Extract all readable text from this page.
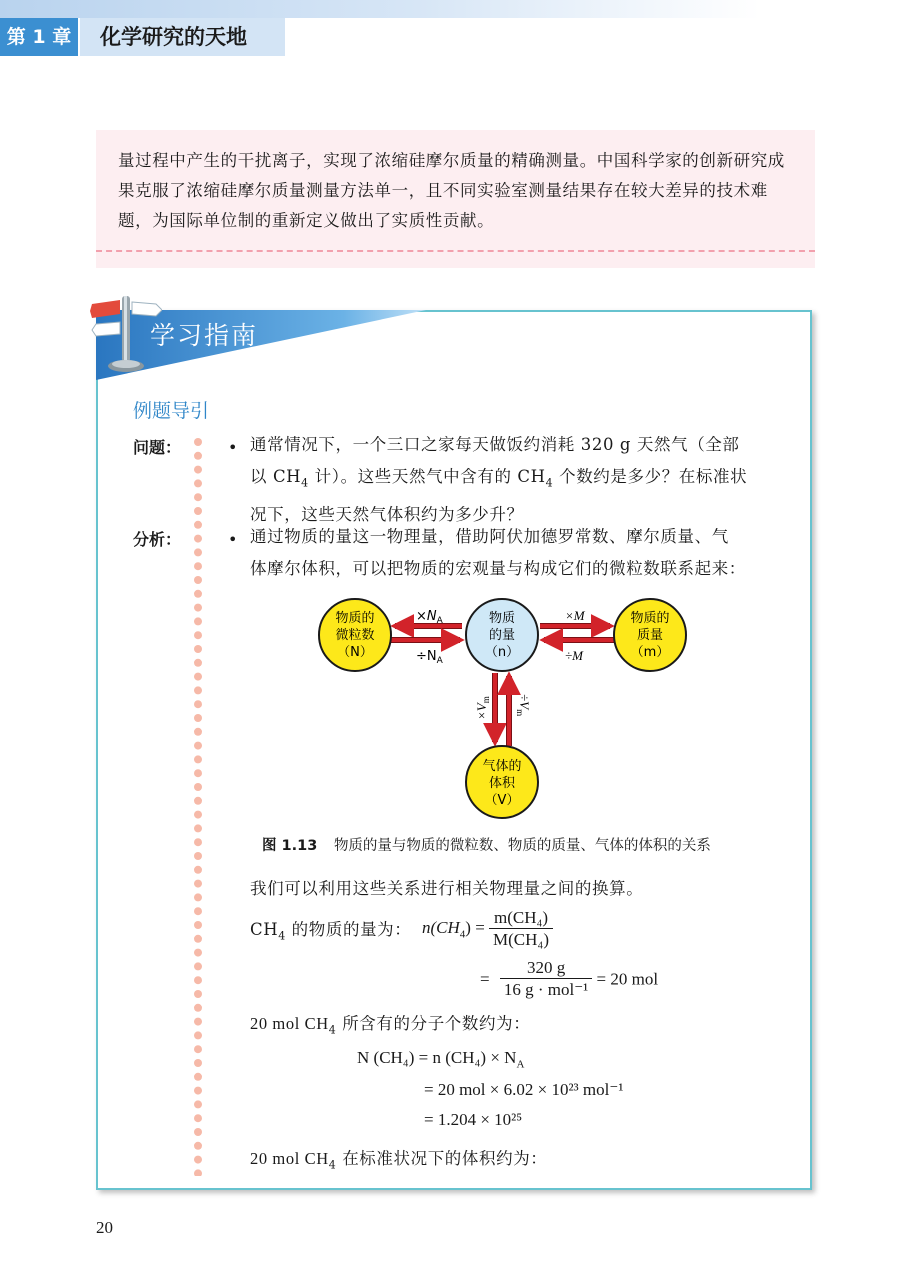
第 1 章	化学研究的天地

量过程中产生的干扰离子，实现了浓缩硅摩尔质量的精确测量。中国科学家的创新研究成果克服了浓缩硅摩尔质量测量方法单一，且不同实验室测量结果存在较大差异的技术难题，为国际单位制的重新定义做出了实质性贡献。

学习指南
例题导引
问题：	• 通常情况下，一个三口之家每天做饭约消耗 320 g 天然气（全部
以 $CH_4$ 计）。这些天然气中含有的 $CH_4$ 个数约是多少？在标准状
况下，这些天然气体积约为多少升？
分析：	• 通过物质的量这一物理量，借助阿伏加德罗常数、摩尔质量、气
体摩尔体积，可以把物质的宏观量与构成它们的微粒数联系起来：
$\times N_A$
$\div N_A$
×M
÷M
$\times V_m \div V_m$
物质的
微粒数
（N）
物质
的量
（n）
物质的
质量
（m）
气体的
体积
（V）
图 1.13 物质的量与物质的微粒数、物质的质量、气体的体积的关系
我们可以利用这些关系进行相关物理量之间的换算。
$CH_4$ 的物质的量为： $n(CH_4) = \frac{\text{m(CH₄)}}{\text{M(CH₄)}}$
= $\frac{320 g}{\text{16 g · mol⁻¹}} = 20$ mol
20 mol $CH_4$ 所含有的分子个数约为：
N (CH₄) = n $(CH_4) \times N_A$
= 20 mol × 6.02 × 10²³ mol⁻¹
= 1.204 × 10²⁵
20 mol $CH_4$ 在标准状况下的体积约为：
20
